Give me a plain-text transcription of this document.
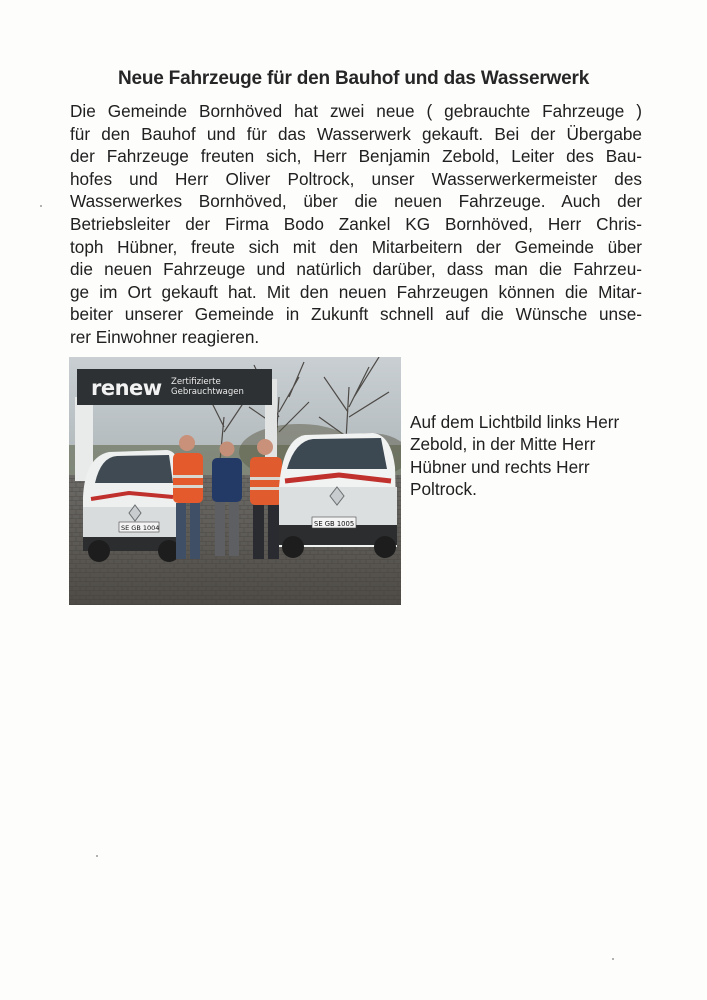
Neue Fahrzeuge für den Bauhof und das Wasserwerk
Die Gemeinde Bornhöved hat zwei neue ( gebrauchte Fahrzeuge )
für den Bauhof und für das Wasserwerk gekauft. Bei der Übergabe
der Fahrzeuge freuten sich, Herr Benjamin Zebold, Leiter des Bau-
hofes und Herr Oliver Poltrock, unser Wasserwerkermeister des
Wasserwerkes Bornhöved, über die neuen Fahrzeuge. Auch der
Betriebsleiter der Firma Bodo Zankel KG Bornhöved, Herr Chris-
toph Hübner, freute sich mit den Mitarbeitern der Gemeinde über
die neuen Fahrzeuge und natürlich darüber, dass man die Fahrzeu-
ge im Ort gekauft hat. Mit den neuen Fahrzeugen können die Mitar-
beiter unserer Gemeinde in Zukunft schnell auf die Wünsche unse-
rer Einwohner reagieren.
renew Zertifizierte
Gebrauchtwagen
SE GB 1004	SE GB 1005
Auf dem Lichtbild links Herr
Zebold, in der Mitte Herr
Hübner und rechts Herr
Poltrock.
